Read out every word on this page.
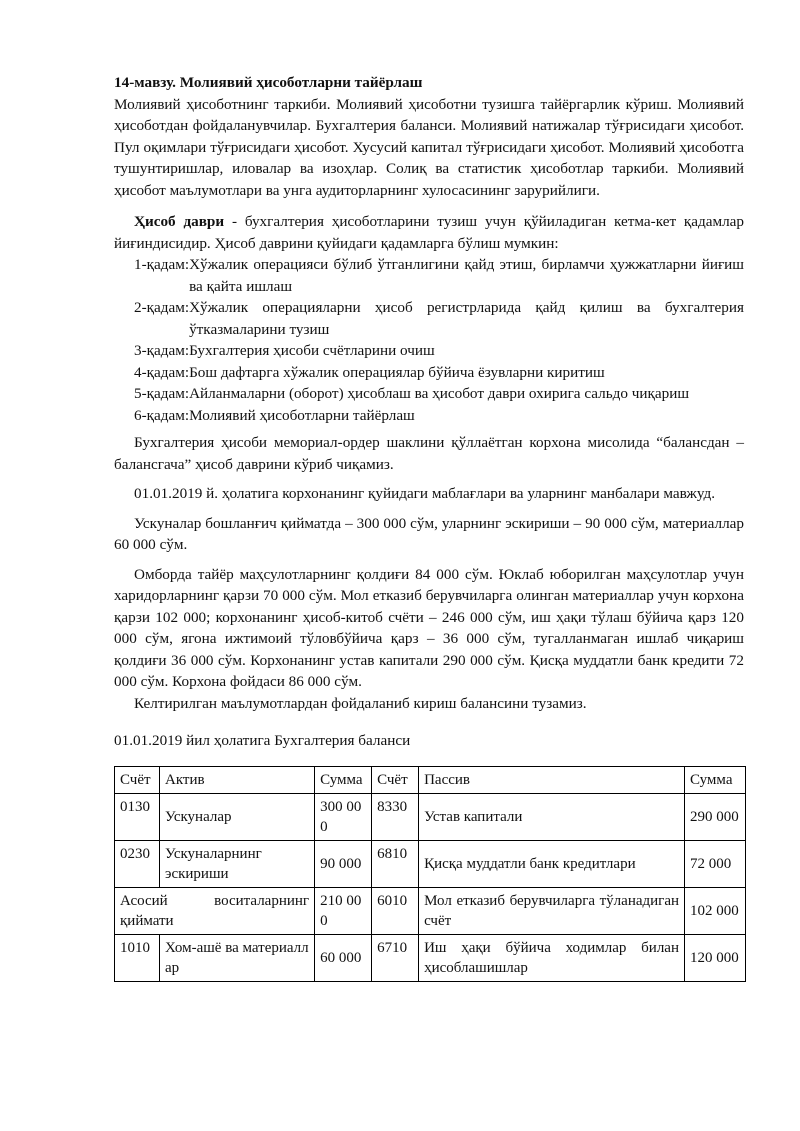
14-мавзу. Молиявий ҳисоботларни тайёрлаш

Молиявий ҳисоботнинг таркиби. Молиявий ҳисоботни тузишга тайёргарлик кўриш. Молиявий ҳисоботдан фойдаланувчилар. Бухгалтерия баланси. Молиявий натижалар тўғрисидаги ҳисобот. Пул оқимлари тўғрисидаги ҳисобот. Хусусий капитал тўғрисидаги ҳисобот. Молиявий ҳисоботга тушунтиришлар, иловалар ва изоҳлар. Солиқ ва статистик ҳисоботлар таркиби. Молиявий ҳисобот маълумотлари ва унга аудиторларнинг хулосасининг зарурийлиги.

Ҳисоб даври - бухгалтерия ҳисоботларини тузиш учун қўйиладиган кетма-кет қадамлар йиғиндисидир. Ҳисоб даврини қуйидаги қадамларга бўлиш мумкин:

1-қадам: Хўжалик операцияси бўлиб ўтганлигини қайд этиш, бирламчи ҳужжатларни йиғиш ва қайта ишлаш
2-қадам: Хўжалик операцияларни ҳисоб регистрларида қайд қилиш ва бухгалтерия ўтказмаларини тузиш
3-қадам: Бухгалтерия ҳисоби счётларини очиш
4-қадам: Бош дафтарга хўжалик операциялар бўйича ёзувларни киритиш
5-қадам: Айланмаларни (оборот) ҳисоблаш ва ҳисобот даври охирига сальдо чиқариш
6-қадам: Молиявий ҳисоботларни тайёрлаш

Бухгалтерия ҳисоби мемориал-ордер шаклини қўллаётган корхона мисолида “балансдан –балансгача” ҳисоб даврини кўриб чиқамиз.

01.01.2019 й. ҳолатига корхонанинг қуйидаги маблағлари ва уларнинг манбалари мавжуд.

Ускуналар бошланғич қийматда – 300 000 сўм, уларнинг эскириши – 90 000 сўм, материаллар 60 000 сўм.

Омборда тайёр маҳсулотларнинг қолдиғи 84 000 сўм. Юклаб юборилган маҳсулотлар учун харидорларнинг қарзи 70 000 сўм. Мол етказиб берувчиларга олинган материаллар учун корхона қарзи 102 000; корхонанинг ҳисоб-китоб счёти – 246 000 сўм, иш ҳақи тўлаш бўйича қарз 120 000 сўм, ягона ижтимоий тўловбўйича қарз – 36 000 сўм, тугалланмаган ишлаб чиқариш қолдиғи 36 000 сўм. Корхонанинг устав капитали 290 000 сўм. Қисқа муддатли банк кредити 72 000 сўм. Корхона фойдаси 86 000 сўм.

Келтирилган маълумотлардан фойдаланиб кириш балансини тузамиз.

01.01.2019 йил ҳолатига Бухгалтерия баланси

Счёт	Актив	Сумма	Счёт	Пассив	Сумма
0130	Ускуналар	300 000	8330	Устав капитали	290 000
0230	Ускуналарнинг эскириши	90 000	6810	Қисқа муддатли банк кредитлари	72 000
Асосий воситаларнинг қиймати		210 000	6010	Мол етказиб берувчиларга тўланадиган счёт	102 000
1010	Хом-ашё ва материаллар	60 000	6710	Иш ҳақи бўйича ходимлар билан ҳисоблашишлар	120 000
